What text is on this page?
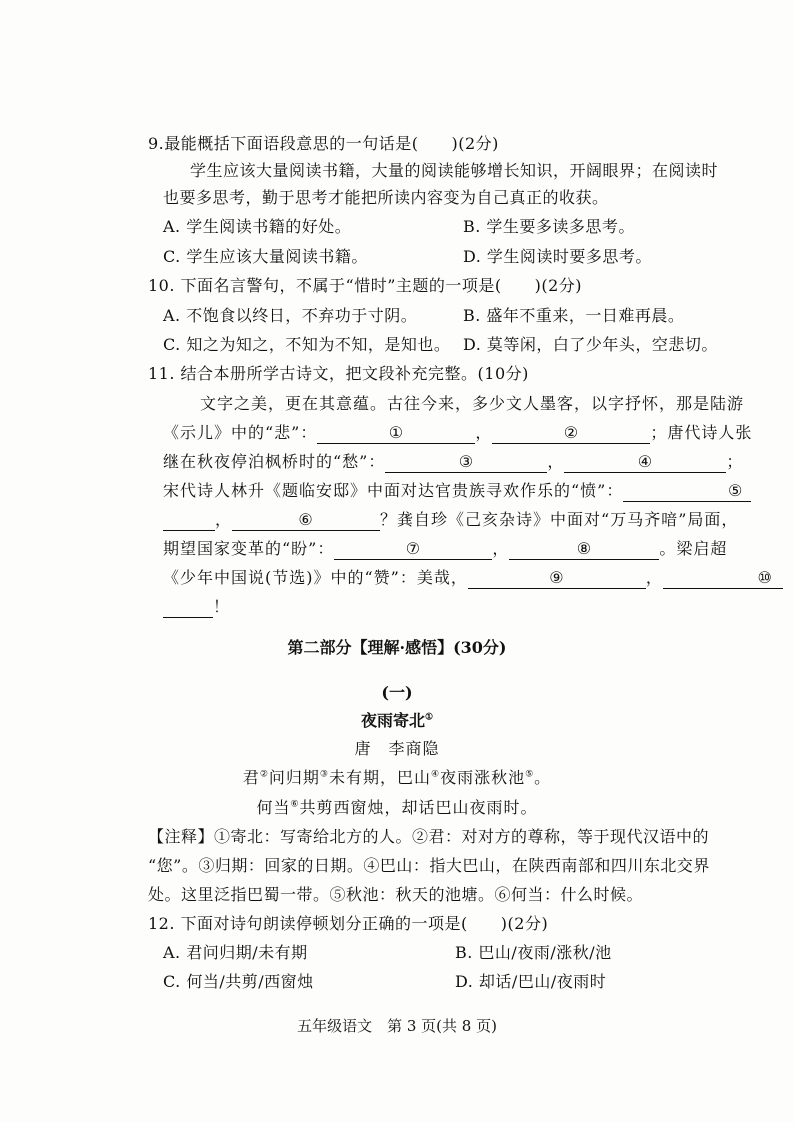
9.最能概括下面语段意思的一句话是(　　)(2分)
学生应该大量阅读书籍，大量的阅读能够增长知识，开阔眼界；在阅读时
也要多思考，勤于思考才能把所读内容变为自己真正的收获。
A. 学生阅读书籍的好处。	B. 学生要多读多思考。
C. 学生应该大量阅读书籍。	D. 学生阅读时要多思考。
10. 下面名言警句，不属于“惜时”主题的一项是(　　)(2分)
A. 不饱食以终日，不弃功于寸阴。	B. 盛年不重来，一日难再晨。
C. 知之为知之，不知为不知，是知也。 D. 莫等闲，白了少年头，空悲切。
11. 结合本册所学古诗文，把文段补充完整。(10分)
文字之美，更在其意蕴。古往今来，多少文人墨客，以字抒怀，那是陆游
《示儿》中的“悲”：	①	，	②	；唐代诗人张
继在秋夜停泊枫桥时的“愁”：	③	，	④	；
宋代诗人林升《题临安邸》中面对达官贵族寻欢作乐的“愤”：	⑤
，	⑥	？龚自珍《己亥杂诗》中面对“万马齐喑”局面，
期望国家变革的“盼”：	⑦	，	⑧	。梁启超
《少年中国说(节选)》中的“赞”：美哉，	⑨	，	⑩
！
第二部分【理解·感悟】(30分)
(一)
夜雨寄北①
唐　李商隐
君②问归期③未有期，巴山④夜雨涨秋池⑤。
何当⑥共剪西窗烛，却话巴山夜雨时。
【注释】①寄北：写寄给北方的人。②君：对对方的尊称，等于现代汉语中的
“您”。③归期：回家的日期。④巴山：指大巴山，在陕西南部和四川东北交界
处。这里泛指巴蜀一带。⑤秋池：秋天的池塘。⑥何当：什么时候。
12. 下面对诗句朗读停顿划分正确的一项是(　　)(2分)
A. 君问归期/未有期	B. 巴山/夜雨/涨秋/池
C. 何当/共剪/西窗烛	D. 却话/巴山/夜雨时
五年级语文　第 3 页(共 8 页)
